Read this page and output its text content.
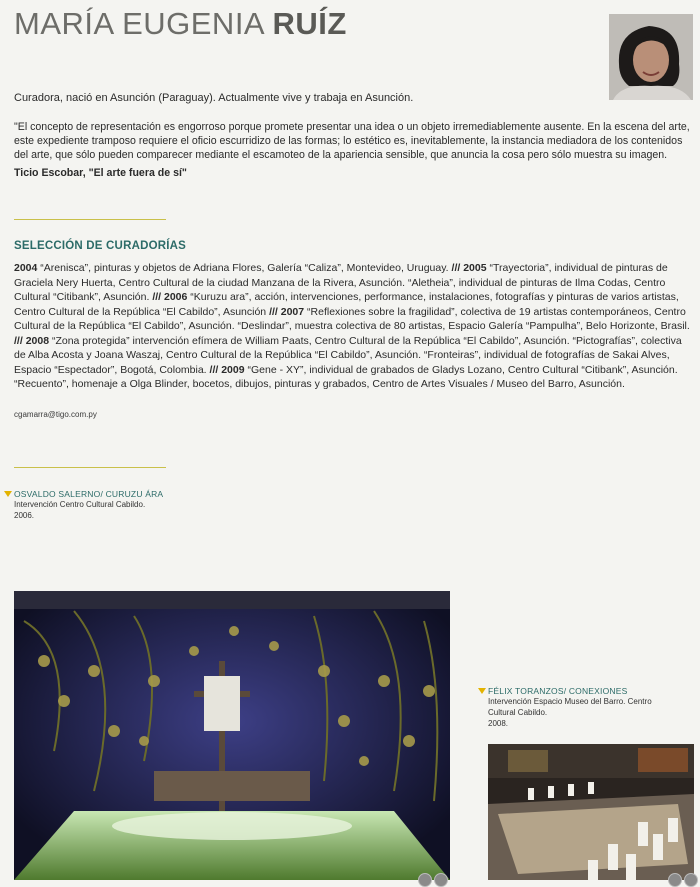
MARÍA EUGENIA RUÍZ

Curadora, nació en Asunción (Paraguay). Actualmente vive y trabaja en Asunción.

"El concepto de representación es engorroso porque promete presentar una idea o un objeto irremediablemente ausente. En la escena del arte, este expediente tramposo requiere el oficio escurridizo de las formas; lo estético es, inevitablemente, la instancia mediadora de los contenidos del arte, que sólo pueden comparecer mediante el escamoteo de la apariencia sensible, que anuncia la cosa pero sólo muestra su imagen.

Ticio Escobar, "El arte fuera de sí"

SELECCIÓN DE CURADORÍAS

2004 “Arenisca”, pinturas y objetos de Adriana Flores, Galería “Caliza”, Montevideo, Uruguay. /// 2005 “Trayectoria”, individual de pinturas de Graciela Nery Huerta, Centro Cultural de la ciudad Manzana de la Rivera, Asunción. “Aletheia”, individual de pinturas de Ilma Codas, Centro Cultural “Citibank”, Asunción. /// 2006 “Kuruzu ara”, acción, intervenciones, performance, instalaciones, fotografías y pinturas de varios artistas, Centro Cultural de la República “El Cabildo”, Asunción /// 2007 “Reflexiones sobre la fragilidad”, colectiva de 19 artistas contemporáneos, Centro Cultural de la República “El Cabildo”, Asunción. “Deslindar”, muestra colectiva de 80 artistas, Espacio Galería “Pampulha”, Belo Horizonte, Brasil. /// 2008 “Zona protegida” intervención efímera de William Paats, Centro Cultural de la República “El Cabildo”, Asunción. “Pictografías”, colectiva de Alba Acosta y Joana Waszaj, Centro Cultural de la República “El Cabildo”, Asunción. “Fronteiras”, individual de fotografías de Sakai Alves, Espacio “Espectador”, Bogotá, Colombia. /// 2009 “Gene - XY”, individual de grabados de Gladys Lozano, Centro Cultural “Citibank”, Asunción. “Recuento”, homenaje a Olga Blinder, bocetos, dibujos, pinturas y grabados, Centro de Artes Visuales / Museo del Barro, Asunción.

cgamarra@tigo.com.py

OSVALDO SALERNO/ CURUZU ÁRA

Intervención Centro Cultural Cabildo.

2006.

FÉLIX TORANZOS/ CONEXIONES

Intervención Espacio Museo del Barro. Centro

Cultural Cabildo.

2008.
